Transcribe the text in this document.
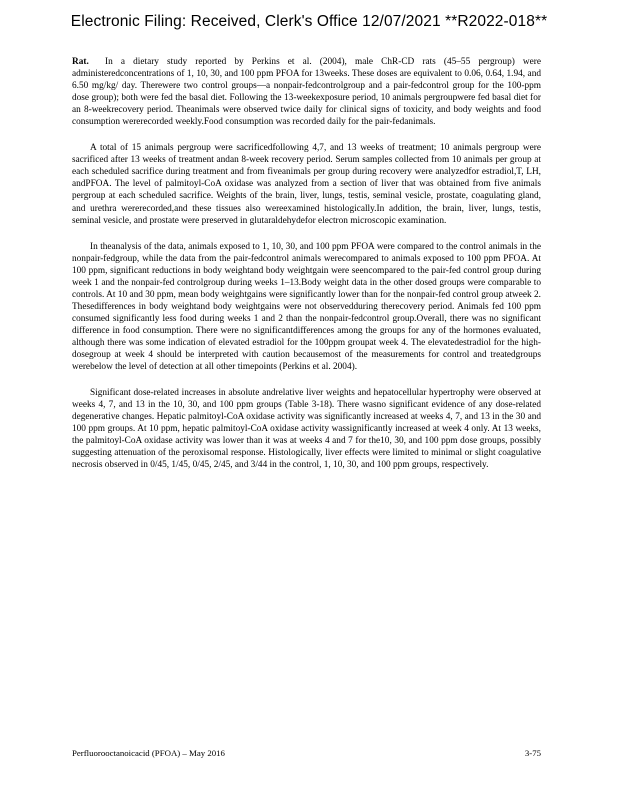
Electronic Filing: Received, Clerk's Office 12/07/2021 **R2022-018**

Rat. In a dietary study reported by Perkins et al. (2004), male ChR-CD rats (45–55 pergroup) were administeredconcentrations of 1, 10, 30, and 100 ppm PFOA for 13weeks. These doses are equivalent to 0.06, 0.64, 1.94, and 6.50 mg/kg/ day. Therewere two control groups—a nonpair-fedcontrolgroup and a pair-fedcontrol group for the 100-ppm dose group); both were fed the basal diet. Following the 13-weekexposure period, 10 animals pergroupwere fed basal diet for an 8-weekrecovery period. Theanimals were observed twice daily for clinical signs of toxicity, and body weights and food consumption wererecorded weekly.Food consumption was recorded daily for the pair-fedanimals.

A total of 15 animals pergroup were sacrificedfollowing 4,7, and 13 weeks of treatment; 10 animals pergroup were sacrificed after 13 weeks of treatment andan 8-week recovery period. Serum samples collected from 10 animals per group at each scheduled sacrifice during treatment and from fiveanimals per group during recovery were analyzedfor estradiol,T, LH, andPFOA. The level of palmitoyl-CoA oxidase was analyzed from a section of liver that was obtained from five animals pergroup at each scheduled sacrifice. Weights of the brain, liver, lungs, testis, seminal vesicle, prostate, coagulating gland, and urethra wererecorded,and these tissues also wereexamined histologically.In addition, the brain, liver, lungs, testis, seminal vesicle, and prostate were preserved in glutaraldehydefor electron microscopic examination.

In theanalysis of the data, animals exposed to 1, 10, 30, and 100 ppm PFOA were compared to the control animals in the nonpair-fedgroup, while the data from the pair-fedcontrol animals werecompared to animals exposed to 100 ppm PFOA. At 100 ppm, significant reductions in body weightand body weightgain were seencompared to the pair-fed control group during week 1 and the nonpair-fed controlgroup during weeks 1–13.Body weight data in the other dosed groups were comparable to controls. At 10 and 30 ppm, mean body weightgains were significantly lower than for the nonpair-fed control group atweek 2. Thesedifferences in body weightand body weightgains were not observedduring therecovery period. Animals fed 100 ppm consumed significantly less food during weeks 1 and 2 than the nonpair-fedcontrol group.Overall, there was no significant difference in food consumption. There were no significantdifferences among the groups for any of the hormones evaluated, although there was some indication of elevated estradiol for the 100ppm groupat week 4. The elevatedestradiol for the high-dosegroup at week 4 should be interpreted with caution becausemost of the measurements for control and treatedgroups werebelow the level of detection at all other timepoints (Perkins et al. 2004).

Significant dose-related increases in absolute andrelative liver weights and hepatocellular hypertrophy were observed at weeks 4, 7, and 13 in the 10, 30, and 100 ppm groups (Table 3-18). There wasno significant evidence of any dose-related degenerative changes. Hepatic palmitoyl-CoA oxidase activity was significantly increased at weeks 4, 7, and 13 in the 30 and 100 ppm groups. At 10 ppm, hepatic palmitoyl-CoA oxidase activity wassignificantly increased at week 4 only. At 13 weeks, the palmitoyl-CoA oxidase activity was lower than it was at weeks 4 and 7 for the10, 30, and 100 ppm dose groups, possibly suggesting attenuation of the peroxisomal response. Histologically, liver effects were limited to minimal or slight coagulative necrosis observed in 0/45, 1/45, 0/45, 2/45, and 3/44 in the control, 1, 10, 30, and 100 ppm groups, respectively.

Perfluorooctanoicacid (PFOA) – May 2016	3-75
